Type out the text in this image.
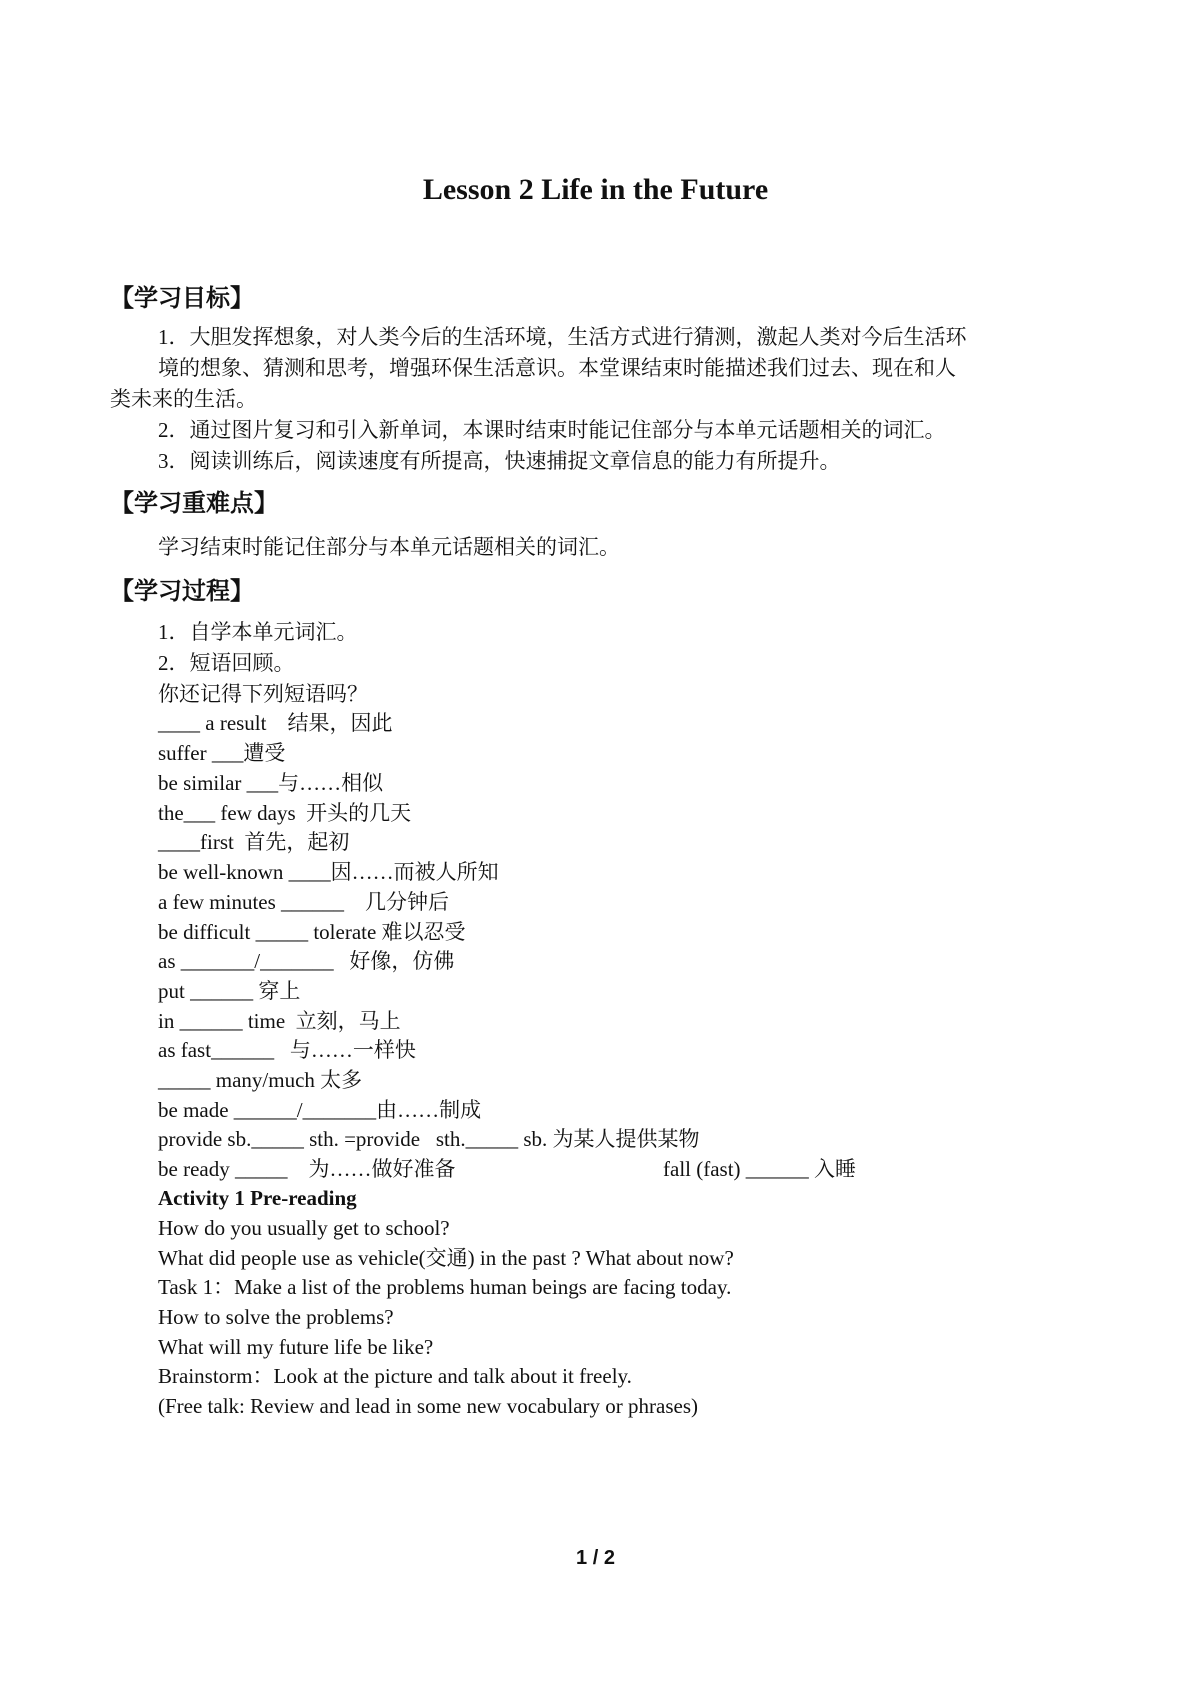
Lesson 2 Life in the Future
【学习目标】
1．大胆发挥想象，对人类今后的生活环境，生活方式进行猜测，激起人类对今后生活环
境的想象、猜测和思考，增强环保生活意识。本堂课结束时能描述我们过去、现在和人
类未来的生活。
2．通过图片复习和引入新单词，本课时结束时能记住部分与本单元话题相关的词汇。
3．阅读训练后，阅读速度有所提高，快速捕捉文章信息的能力有所提升。
【学习重难点】
学习结束时能记住部分与本单元话题相关的词汇。
【学习过程】
1．自学本单元词汇。
2．短语回顾。
你还记得下列短语吗？
____ a result    结果，因此
suffer ___遭受
be similar ___与……相似
the___ few days  开头的几天
____first  首先，起初
be well-known ____因……而被人所知
a few minutes ______    几分钟后
be difficult _____ tolerate 难以忍受
as _______/_______   好像，仿佛
put ______ 穿上
in ______ time  立刻，马上
as fast______   与……一样快
_____ many/much 太多
be made ______/_______由……制成
provide sb._____ sth. =provide   sth._____ sb. 为某人提供某物
be ready _____    为……做好准备	fall (fast) ______ 入睡
Activity 1 Pre-reading
How do you usually get to school?
What did people use as vehicle(交通) in the past ? What about now?
Task 1：Make a list of the problems human beings are facing today.
How to solve the problems?
What will my future life be like?
Brainstorm：Look at the picture and talk about it freely.
(Free talk: Review and lead in some new vocabulary or phrases)
1 / 2
